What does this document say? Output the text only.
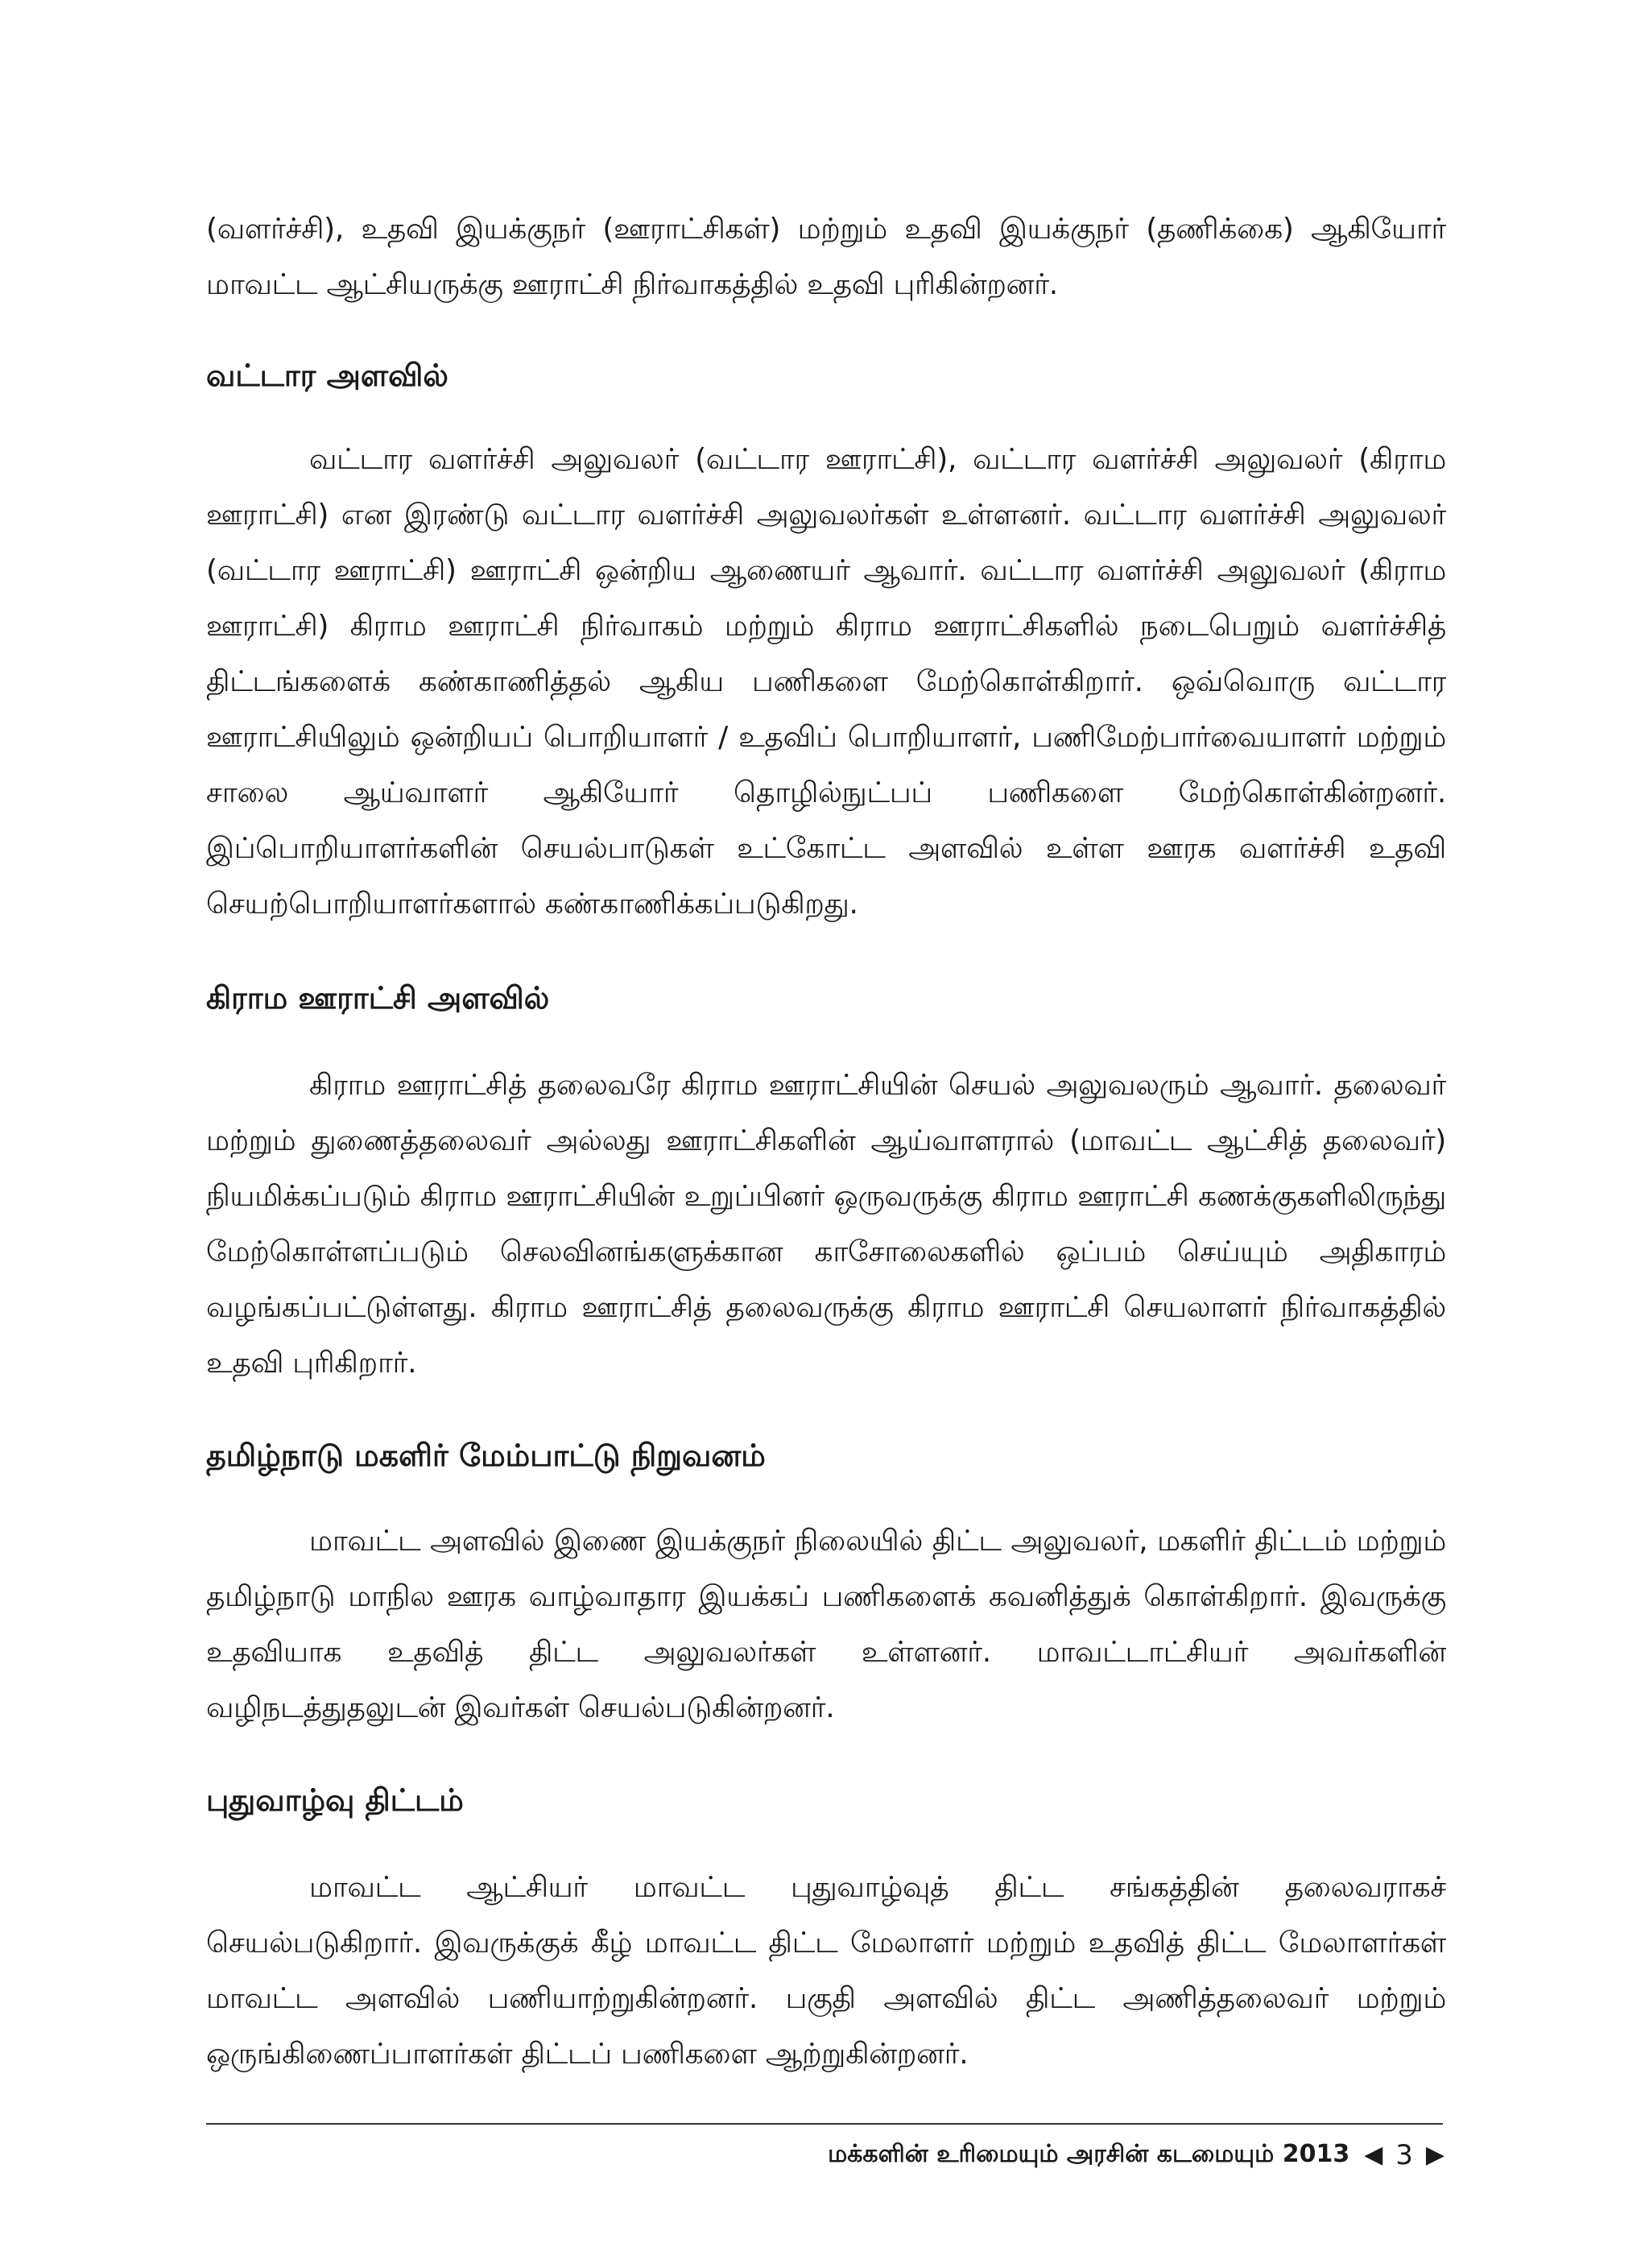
(வளர்ச்சி), உதவி இயக்குநர் (ஊராட்சிகள்) மற்றும் உதவி இயக்குநர் (தணிக்கை) ஆகியோர் மாவட்ட ஆட்சியருக்கு ஊராட்சி நிர்வாகத்தில் உதவி புரிகின்றனர்.

வட்டார அளவில்

வட்டார வளர்ச்சி அலுவலர் (வட்டார ஊராட்சி), வட்டார வளர்ச்சி அலுவலர் (கிராம ஊராட்சி) என இரண்டு வட்டார வளர்ச்சி அலுவலர்கள் உள்ளனர். வட்டார வளர்ச்சி அலுவலர் (வட்டார ஊராட்சி) ஊராட்சி ஒன்றிய ஆணையர் ஆவார். வட்டார வளர்ச்சி அலுவலர் (கிராம ஊராட்சி) கிராம ஊராட்சி நிர்வாகம் மற்றும் கிராம ஊராட்சிகளில் நடைபெறும் வளர்ச்சித் திட்டங்களைக் கண்காணித்தல் ஆகிய பணிகளை மேற்கொள்கிறார். ஒவ்வொரு வட்டார ஊராட்சியிலும் ஒன்றியப் பொறியாளர் / உதவிப் பொறியாளர், பணிமேற்பார்வையாளர் மற்றும் சாலை ஆய்வாளர் ஆகியோர் தொழில்நுட்பப் பணிகளை மேற்கொள்கின்றனர். இப்பொறியாளர்களின் செயல்பாடுகள் உட்கோட்ட அளவில் உள்ள ஊரக வளர்ச்சி உதவி செயற்பொறியாளர்களால் கண்காணிக்கப்படுகிறது.

கிராம ஊராட்சி அளவில்

கிராம ஊராட்சித் தலைவரே கிராம ஊராட்சியின் செயல் அலுவலரும் ஆவார். தலைவர் மற்றும் துணைத்தலைவர் அல்லது ஊராட்சிகளின் ஆய்வாளரால் (மாவட்ட ஆட்சித் தலைவர்) நியமிக்கப்படும் கிராம ஊராட்சியின் உறுப்பினர் ஒருவருக்கு கிராம ஊராட்சி கணக்குகளிலிருந்து மேற்கொள்ளப்படும் செலவினங்களுக்கான காசோலைகளில் ஒப்பம் செய்யும் அதிகாரம் வழங்கப்பட்டுள்ளது. கிராம ஊராட்சித் தலைவருக்கு கிராம ஊராட்சி செயலாளர் நிர்வாகத்தில் உதவி புரிகிறார்.

தமிழ்நாடு மகளிர் மேம்பாட்டு நிறுவனம்

மாவட்ட அளவில் இணை இயக்குநர் நிலையில் திட்ட அலுவலர், மகளிர் திட்டம் மற்றும் தமிழ்நாடு மாநில ஊரக வாழ்வாதார இயக்கப் பணிகளைக் கவனித்துக் கொள்கிறார். இவருக்கு உதவியாக உதவித் திட்ட அலுவலர்கள் உள்ளனர். மாவட்டாட்சியர் அவர்களின் வழிநடத்துதலுடன் இவர்கள் செயல்படுகின்றனர்.

புதுவாழ்வு திட்டம்

மாவட்ட ஆட்சியர் மாவட்ட புதுவாழ்வுத் திட்ட சங்கத்தின் தலைவராகச் செயல்படுகிறார். இவருக்குக் கீழ் மாவட்ட திட்ட மேலாளர் மற்றும் உதவித் திட்ட மேலாளர்கள் மாவட்ட அளவில் பணியாற்றுகின்றனர். பகுதி அளவில் திட்ட அணித்தலைவர் மற்றும் ஒருங்கிணைப்பாளர்கள் திட்டப் பணிகளை ஆற்றுகின்றனர்.

மக்களின் உரிமையும் அரசின் கடமையும் 2013 ◀ 3 ▶
